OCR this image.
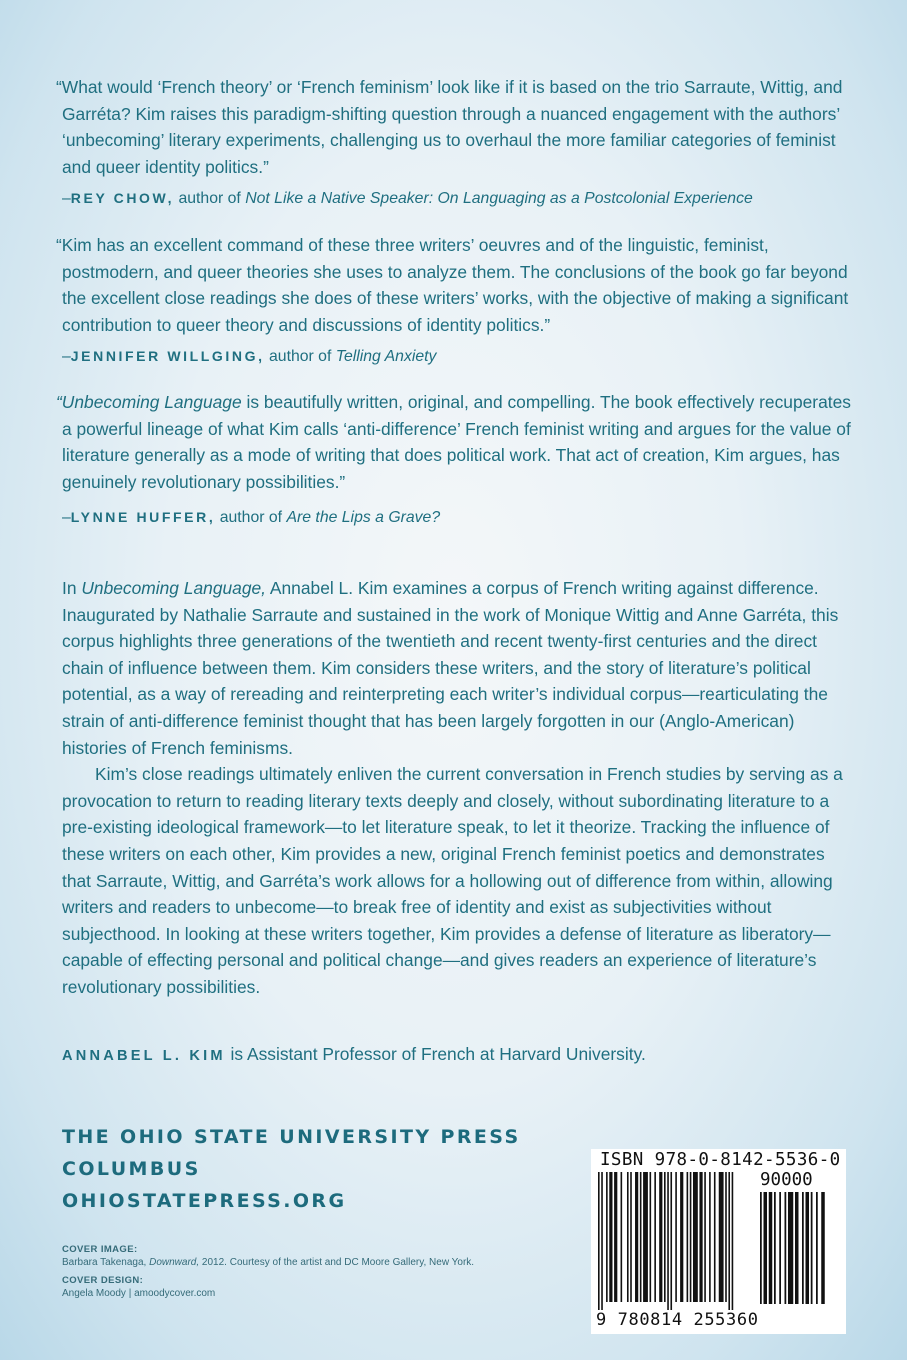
“What would ‘French theory’ or ‘French feminism’ look like if it is based on the trio Sarraute, Wittig, and Garréta? Kim raises this paradigm-shifting question through a nuanced engagement with the authors’ ‘unbecoming’ literary experiments, challenging us to overhaul the more familiar categories of feminist and queer identity politics.”

–REY CHOW, author of Not Like a Native Speaker: On Languaging as a Postcolonial Experience

“Kim has an excellent command of these three writers’ oeuvres and of the linguistic, feminist, postmodern, and queer theories she uses to analyze them. The conclusions of the book go far beyond the excellent close readings she does of these writers’ works, with the objective of making a significant contribution to queer theory and discussions of identity politics.”

–JENNIFER WILLGING, author of Telling Anxiety

“Unbecoming Language is beautifully written, original, and compelling. The book effectively recuperates a powerful lineage of what Kim calls ‘anti-difference’ French feminist writing and argues for the value of literature generally as a mode of writing that does political work. That act of creation, Kim argues, has genuinely revolutionary possibilities.”

–LYNNE HUFFER, author of Are the Lips a Grave?

In Unbecoming Language, Annabel L. Kim examines a corpus of French writing against difference. Inaugurated by Nathalie Sarraute and sustained in the work of Monique Wittig and Anne Garréta, this corpus highlights three generations of the twentieth and recent twenty-first centuries and the direct chain of influence between them. Kim considers these writers, and the story of literature’s political potential, as a way of rereading and reinterpreting each writer’s individual corpus—rearticulating the strain of anti-difference feminist thought that has been largely forgotten in our (Anglo-American) histories of French feminisms.

Kim’s close readings ultimately enliven the current conversation in French studies by serving as a provocation to return to reading literary texts deeply and closely, without subordinating literature to a pre-existing ideological framework—to let literature speak, to let it theorize. Tracking the influence of these writers on each other, Kim provides a new, original French feminist poetics and demonstrates that Sarraute, Wittig, and Garréta’s work allows for a hollowing out of difference from within, allowing writers and readers to unbecome—to break free of identity and exist as subjectivities without subjecthood. In looking at these writers together, Kim provides a defense of literature as liberatory—capable of effecting personal and political change—and gives readers an experience of literature’s revolutionary possibilities.

ANNABEL L. KIM is Assistant Professor of French at Harvard University.
THE OHIO STATE UNIVERSITY PRESS
COLUMBUS
OHIOSTATEPRESS.ORG
COVER IMAGE:
Barbara Takenaga, Downward, 2012. Courtesy of the artist and DC Moore Gallery, New York.
COVER DESIGN:
Angela Moody | amoodycover.com
ISBN 978-0-8142-5536-0
90000
9 780814 255360
